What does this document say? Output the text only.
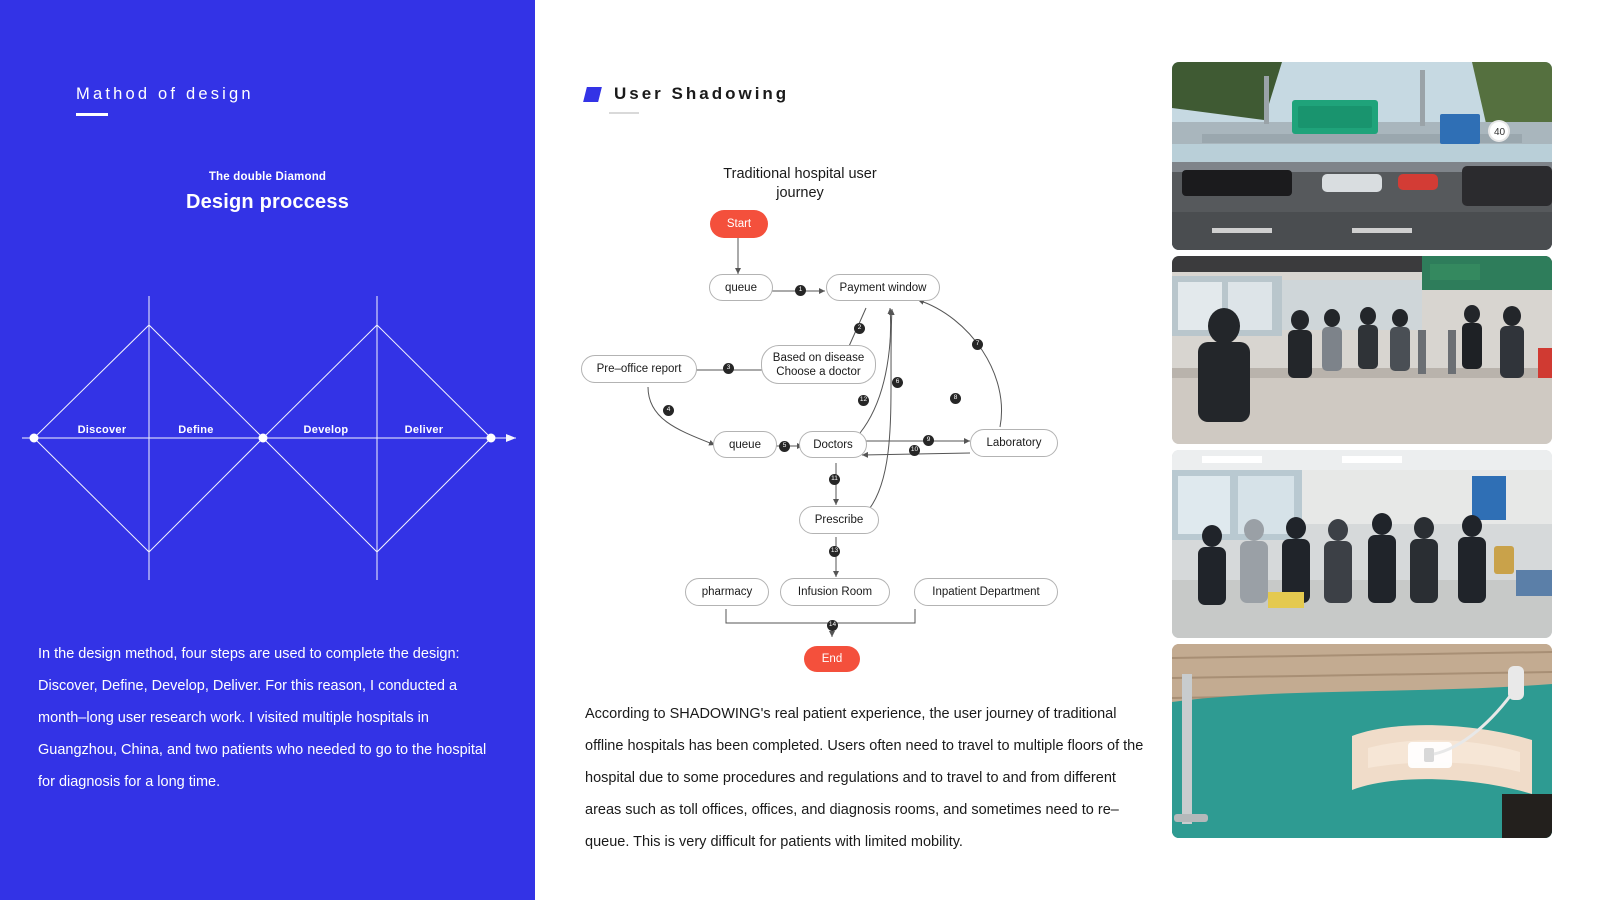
Mathod of design
The double Diamond
Design proccess
Discover	Define	Develop	Deliver
In the design method, four steps are used to complete the design: Discover, Define, Develop, Deliver. For this reason, I conducted a month–long user research work. I visited multiple hospitals in Guangzhou, China, and two patients who needed to go to the hospital for diagnosis for a long time.
User Shadowing
Traditional hospital user journey
Start
queue	Payment window
Based on disease Choose a doctor
Pre–office report
queue	Doctors	Laboratory
Prescribe
pharmacy	Infusion Room	Inpatient Department
End
1
2
3
4
5
6
7
8
9
10
11
12
13
14
According to SHADOWING's real patient experience, the user journey of traditional offline hospitals has been completed. Users often need to travel to multiple floors of the hospital due to some procedures and regulations and to travel to and from different areas such as toll offices, offices, and diagnosis rooms, and sometimes need to re–queue. This is very difficult for patients with limited mobility.
40
